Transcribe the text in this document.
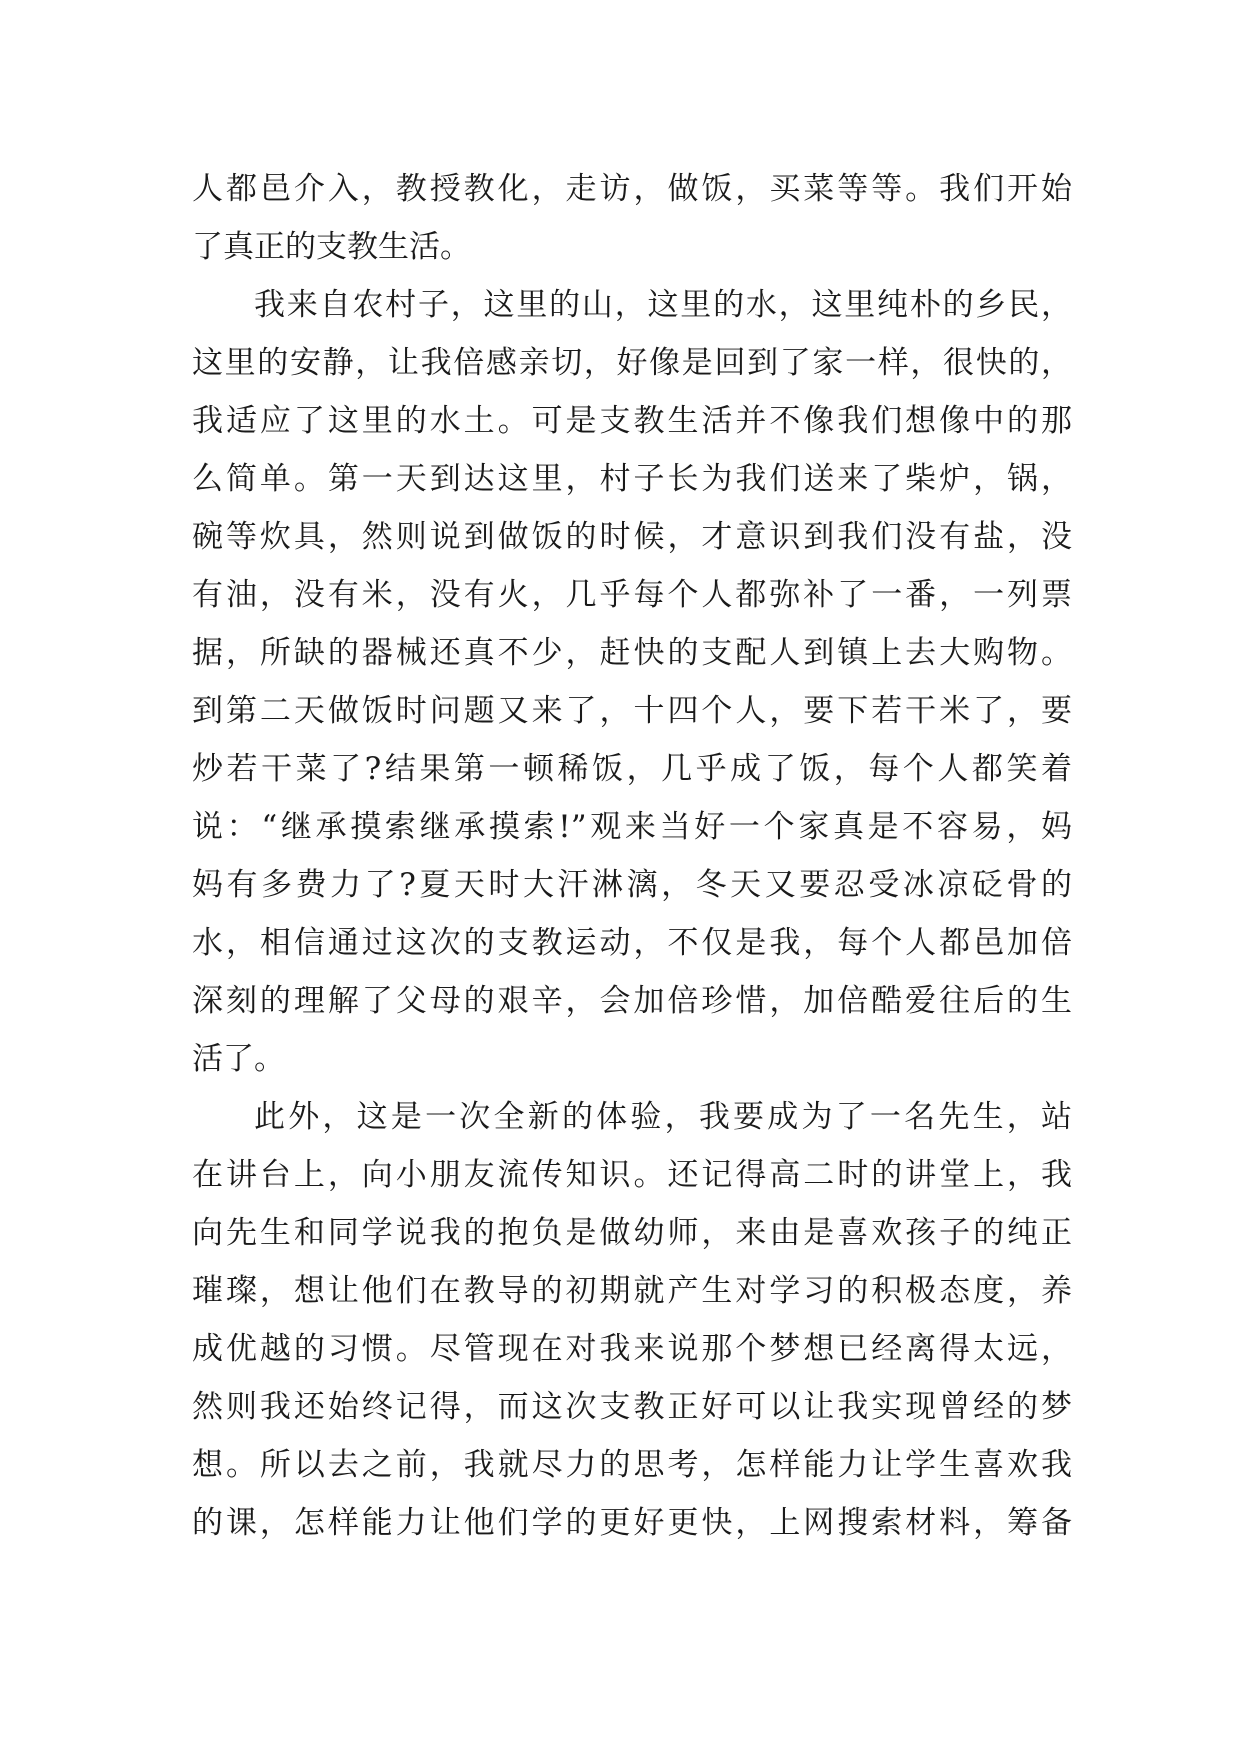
人都邑介入，教授教化，走访，做饭，买菜等等。我们开始
了真正的支教生活。
我来自农村子，这里的山，这里的水，这里纯朴的乡民，
这里的安静，让我倍感亲切，好像是回到了家一样，很快的，
我适应了这里的水土。可是支教生活并不像我们想像中的那
么简单。第一天到达这里，村子长为我们送来了柴炉，锅，
碗等炊具，然则说到做饭的时候，才意识到我们没有盐，没
有油，没有米，没有火，几乎每个人都弥补了一番，一列票
据，所缺的器械还真不少，赶快的支配人到镇上去大购物。
到第二天做饭时问题又来了，十四个人，要下若干米了，要
炒若干菜了?结果第一顿稀饭，几乎成了饭，每个人都笑着
说：“继承摸索继承摸索!”观来当好一个家真是不容易，妈
妈有多费力了?夏天时大汗淋漓，冬天又要忍受冰凉砭骨的
水，相信通过这次的支教运动，不仅是我，每个人都邑加倍
深刻的理解了父母的艰辛，会加倍珍惜，加倍酷爱往后的生
活了。
此外，这是一次全新的体验，我要成为了一名先生，站
在讲台上，向小朋友流传知识。还记得高二时的讲堂上，我
向先生和同学说我的抱负是做幼师，来由是喜欢孩子的纯正
璀璨，想让他们在教导的初期就产生对学习的积极态度，养
成优越的习惯。尽管现在对我来说那个梦想已经离得太远，
然则我还始终记得，而这次支教正好可以让我实现曾经的梦
想。所以去之前，我就尽力的思考，怎样能力让学生喜欢我
的课，怎样能力让他们学的更好更快，上网搜索材料，筹备
